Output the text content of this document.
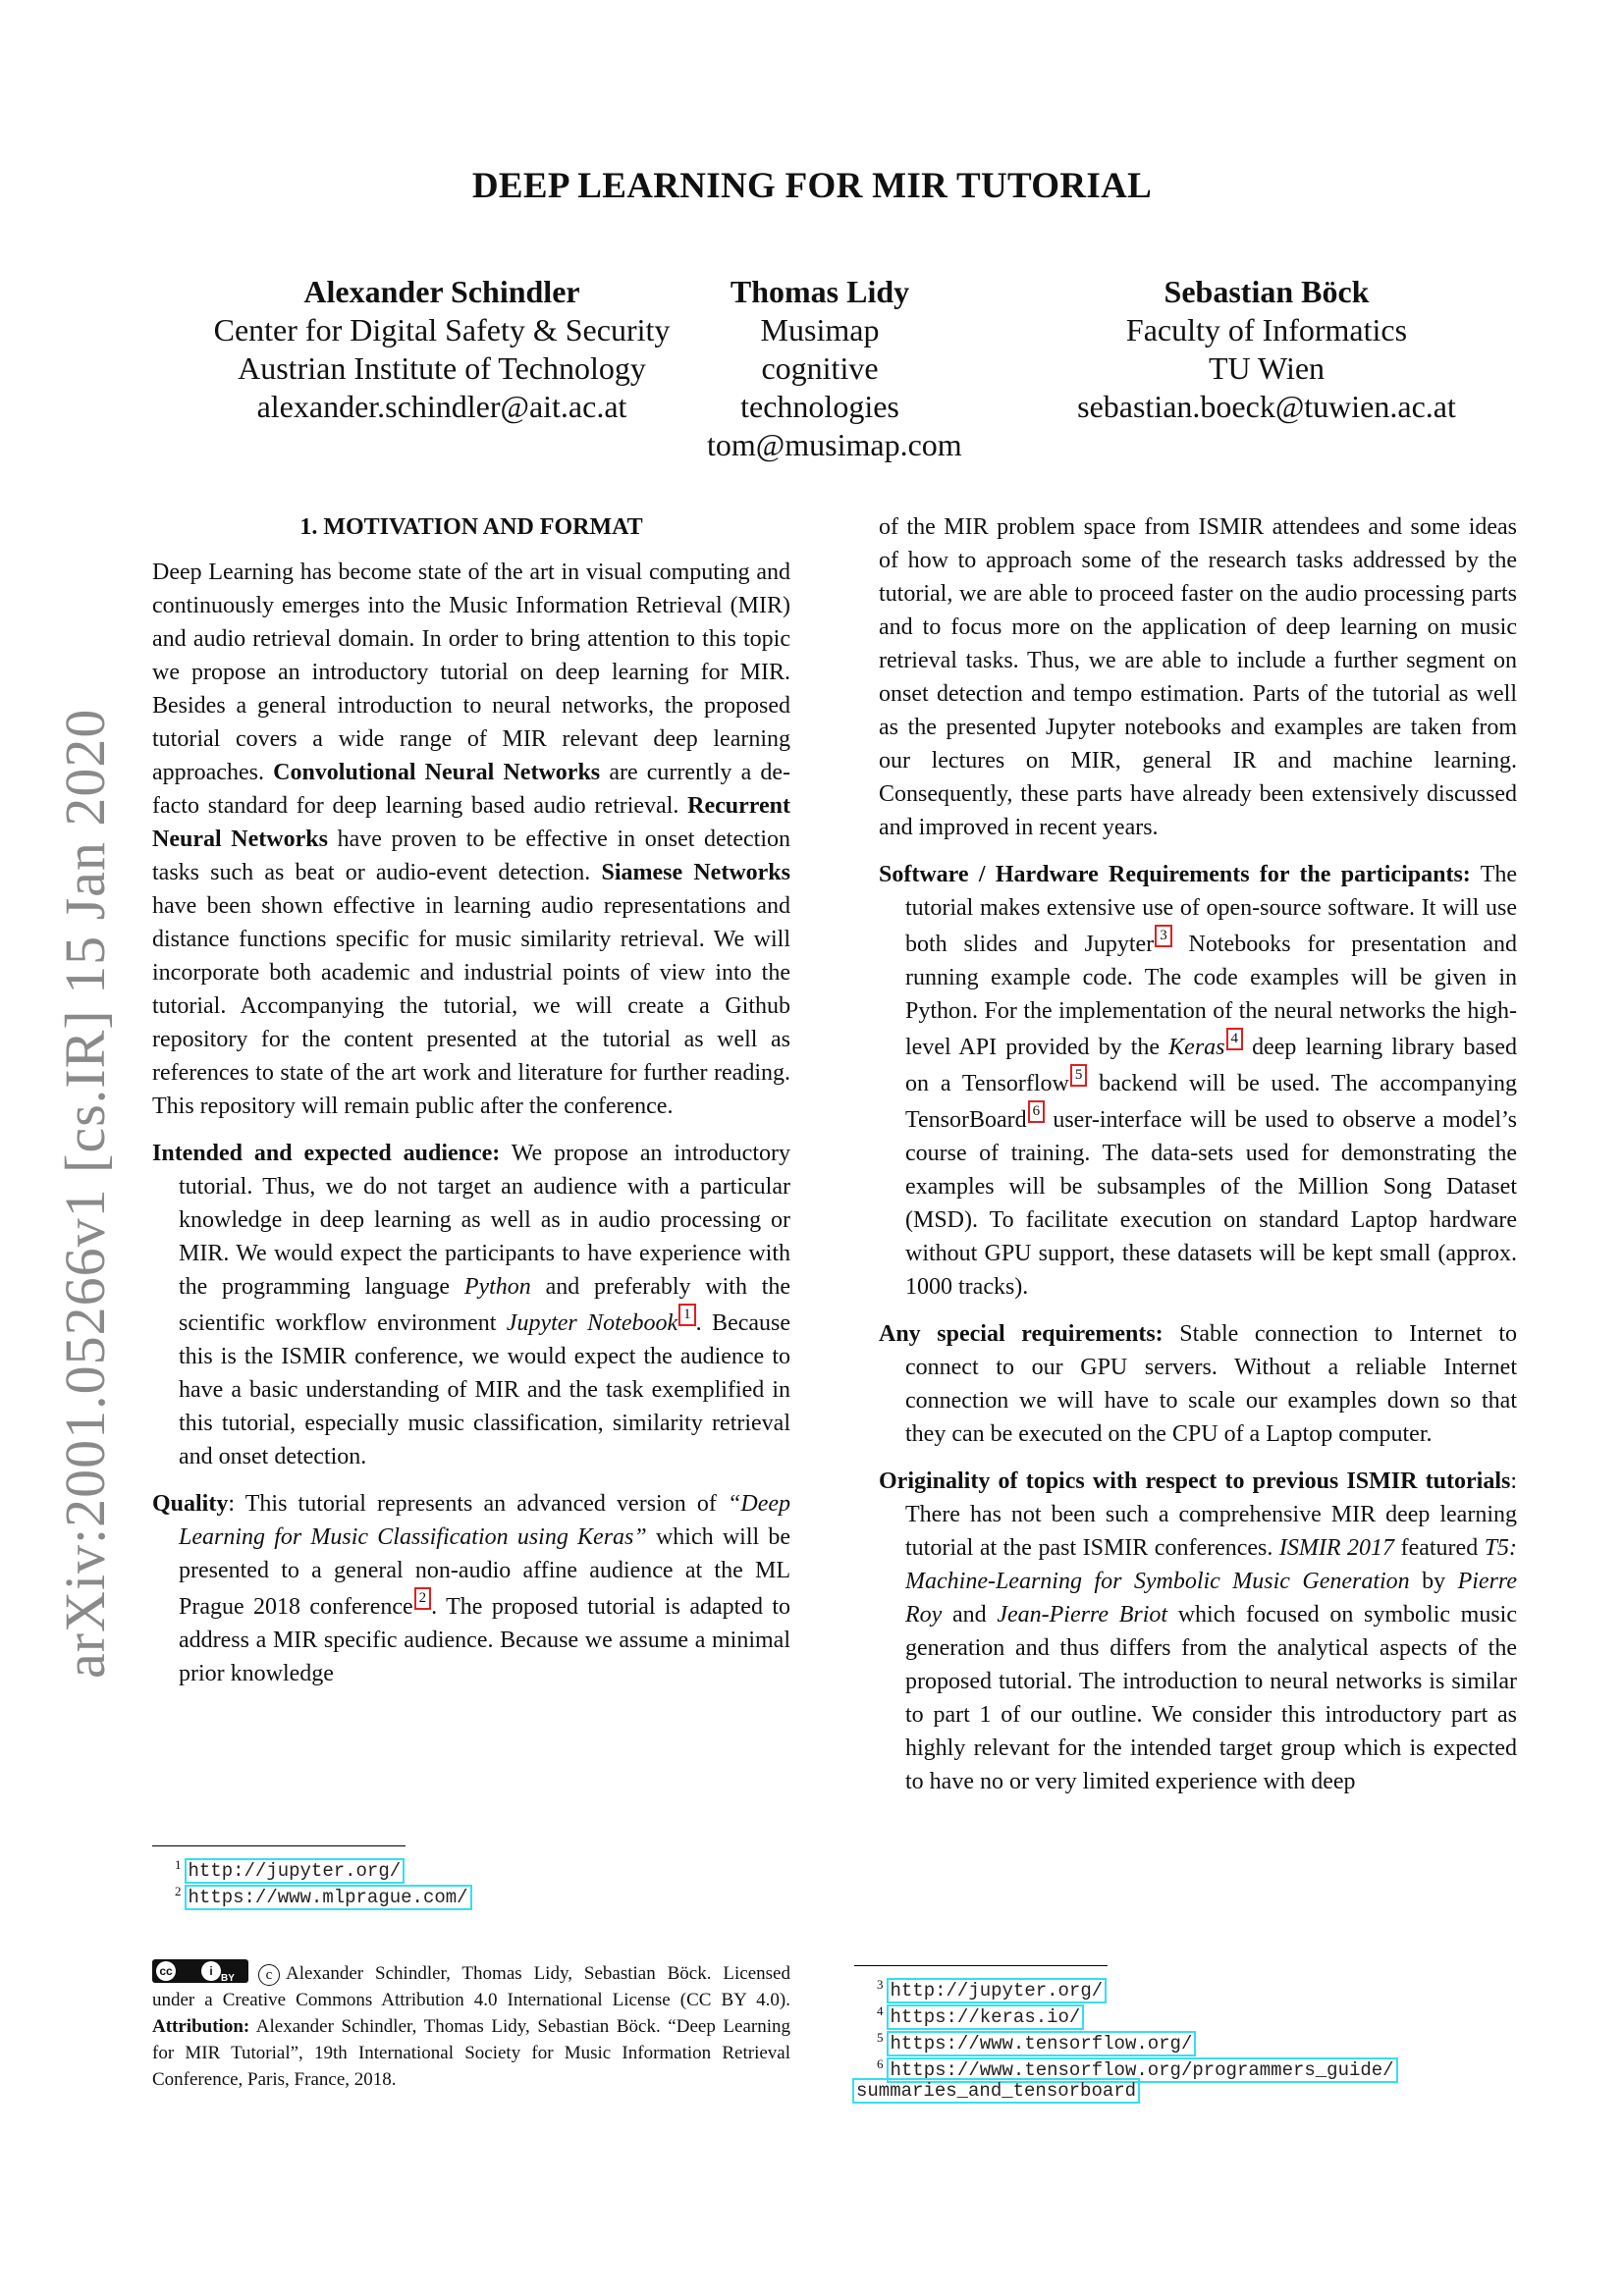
arXiv:2001.05266v1 [cs.IR] 15 Jan 2020
DEEP LEARNING FOR MIR TUTORIAL
Alexander Schindler
Center for Digital Safety & Security
Austrian Institute of Technology
alexander.schindler@ait.ac.at
Thomas Lidy
Musimap
cognitive technologies
tom@musimap.com
Sebastian Böck
Faculty of Informatics
TU Wien
sebastian.boeck@tuwien.ac.at
1. MOTIVATION AND FORMAT

Deep Learning has become state of the art in visual computing and continuously emerges into the Music Information Retrieval (MIR) and audio retrieval domain. In order to bring attention to this topic we propose an introductory tutorial on deep learning for MIR. Besides a general introduction to neural networks, the proposed tutorial covers a wide range of MIR relevant deep learning approaches. Convolutional Neural Networks are currently a de-facto standard for deep learning based audio retrieval. Recurrent Neural Networks have proven to be effective in onset detection tasks such as beat or audio-event detection. Siamese Networks have been shown effective in learning audio representations and distance functions specific for music similarity retrieval. We will incorporate both academic and industrial points of view into the tutorial. Accompanying the tutorial, we will create a Github repository for the content presented at the tutorial as well as references to state of the art work and literature for further reading. This repository will remain public after the conference.

Intended and expected audience: We propose an introductory tutorial. Thus, we do not target an audience with a particular knowledge in deep learning as well as in audio processing or MIR. We would expect the participants to have experience with the programming language Python and preferably with the scientific workflow environment Jupyter Notebook 1 . Because this is the ISMIR conference, we would expect the audience to have a basic understanding of MIR and the task exemplified in this tutorial, especially music classification, similarity retrieval and onset detection.

Quality: This tutorial represents an advanced version of “Deep Learning for Music Classification using Keras” which will be presented to a general non-audio affine audience at the ML Prague 2018 conference 2 . The proposed tutorial is adapted to address a MIR specific audience. Because we assume a minimal prior knowledge

$^1$ http://jupyter.org/
$^2$ https://www.mlprague.com/
cc	i
BY c Alexander Schindler, Thomas Lidy, Sebastian Böck. Licensed under a Creative Commons Attribution 4.0 International License (CC BY 4.0). Attribution: Alexander Schindler, Thomas Lidy, Sebastian Böck. “Deep Learning for MIR Tutorial”, 19th International Society for Music Information Retrieval Conference, Paris, France, 2018.

of the MIR problem space from ISMIR attendees and some ideas of how to approach some of the research tasks addressed by the tutorial, we are able to proceed faster on the audio processing parts and to focus more on the application of deep learning on music retrieval tasks. Thus, we are able to include a further segment on onset detection and tempo estimation. Parts of the tutorial as well as the presented Jupyter notebooks and examples are taken from our lectures on MIR, general IR and machine learning. Consequently, these parts have already been extensively discussed and improved in recent years.

Software / Hardware Requirements for the participants: The tutorial makes extensive use of open-source software. It will use both slides and Jupyter 3 Notebooks for presentation and running example code. The code examples will be given in Python. For the implementation of the neural networks the high-level API provided by the Keras 4 deep learning library based on a Tensorflow 5 backend will be used. The accompanying TensorBoard 6 user-interface will be used to observe a model’s course of training. The data-sets used for demonstrating the examples will be subsamples of the Million Song Dataset (MSD). To facilitate execution on standard Laptop hardware without GPU support, these datasets will be kept small (approx. 1000 tracks).

Any special requirements: Stable connection to Internet to connect to our GPU servers. Without a reliable Internet connection we will have to scale our examples down so that they can be executed on the CPU of a Laptop computer.

Originality of topics with respect to previous ISMIR tutorials: There has not been such a comprehensive MIR deep learning tutorial at the past ISMIR conferences. ISMIR 2017 featured T5: Machine-Learning for Symbolic Music Generation by Pierre Roy and Jean-Pierre Briot which focused on symbolic music generation and thus differs from the analytical aspects of the proposed tutorial. The introduction to neural networks is similar to part 1 of our outline. We consider this introductory part as highly relevant for the intended target group which is expected to have no or very limited experience with deep

$^3$ http://jupyter.org/
$^4$ https://keras.io/
$^5$ https://www.tensorflow.org/
$^6$ https://www.tensorflow.org/programmers_guide/
summaries_and_tensorboard
